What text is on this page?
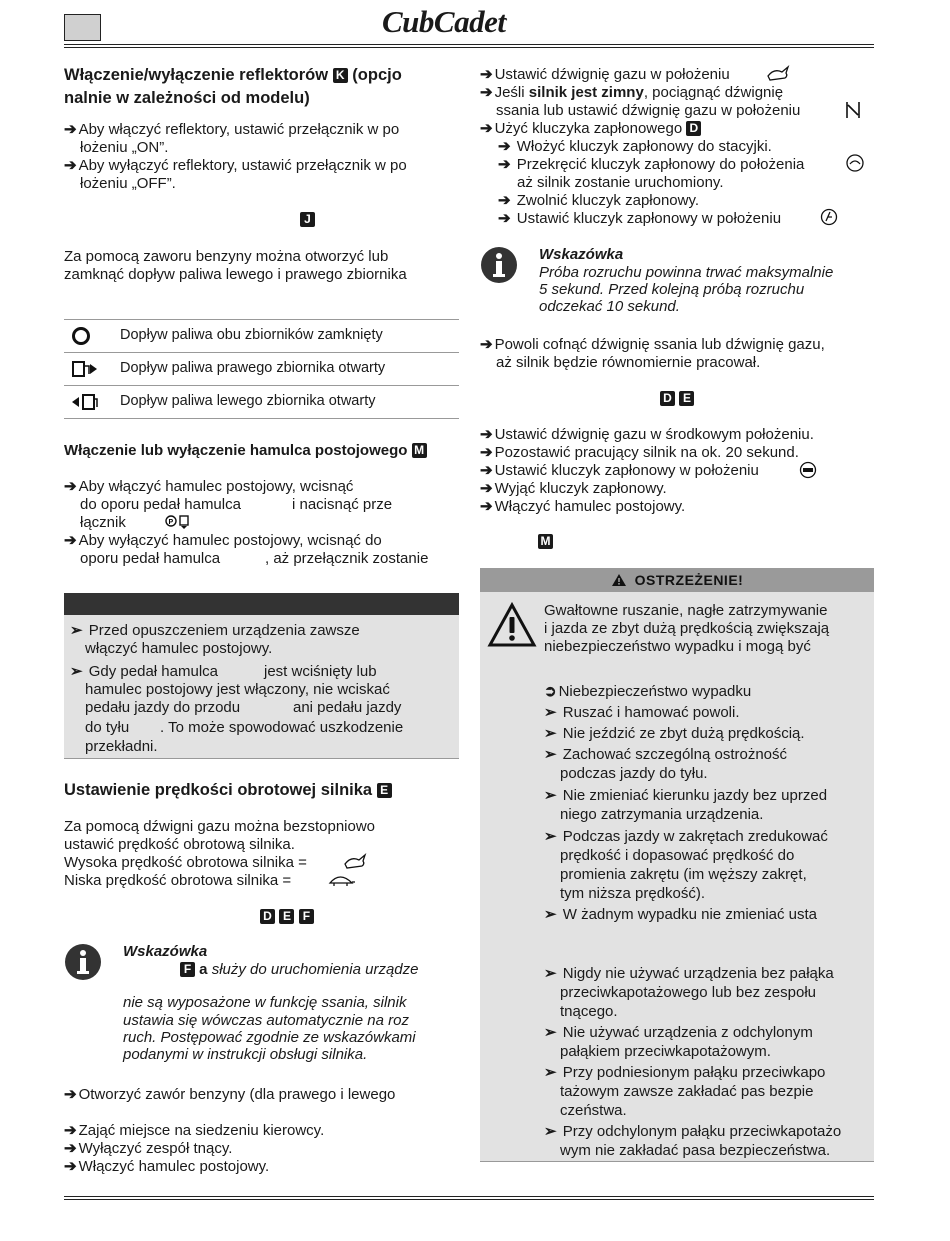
CubCadet.
Włączenie/wyłączenie reflektorów K (opcjo
nalnie w zależności od modelu)
➔ Aby włączyć reflektory, ustawić przełącznik w po
łożeniu „ON”.
➔ Aby wyłączyć reflektory, ustawić przełącznik w po
łożeniu „OFF”.
J
Za pomocą zaworu benzyny można otworzyć lub
zamknąć dopływ paliwa lewego i prawego zbiornika
Dopływ paliwa obu zbiorników zamknięty
Dopływ paliwa prawego zbiornika otwarty
Dopływ paliwa lewego zbiornika otwarty
Włączenie lub wyłączenie hamulca postojowego M
➔ Aby włączyć hamulec postojowy, wcisnąć
do oporu pedał hamulca	i nacisnąć prze
łącznik	P
➔ Aby wyłączyć hamulec postojowy, wcisnąć do
oporu pedał hamulca	, aż przełącznik zostanie
➢ Przed opuszczeniem urządzenia zawsze
włączyć hamulec postojowy.
➢ Gdy pedał hamulca	jest wciśnięty lub
hamulec postojowy jest włączony, nie wciskać
pedału jazdy do przodu	ani pedału jazdy
do tyłu . To może spowodować uszkodzenie
przekładni.
Ustawienie prędkości obrotowej silnika E
Za pomocą dźwigni gazu można bezstopniowo
ustawić prędkość obrotową silnika.
Wysoka prędkość obrotowa silnika =
Niska prędkość obrotowa silnika =
D E F
Wskazówka
F a służy do uruchomienia urządze
nie są wyposażone w funkcję ssania, silnik
ustawia się wówczas automatycznie na roz
ruch. Postępować zgodnie ze wskazówkami
podanymi w instrukcji obsługi silnika.
➔ Otworzyć zawór benzyny (dla prawego i lewego
➔ Zająć miejsce na siedzeniu kierowcy.
➔ Wyłączyć zespół tnący.
➔ Włączyć hamulec postojowy.
➔ Ustawić dźwignię gazu w położeniu
➔ Jeśli silnik jest zimny, pociągnąć dźwignię
ssania lub ustawić dźwignię gazu w położeniu
➔ Użyć kluczyka zapłonowego D
➔ Włożyć kluczyk zapłonowy do stacyjki.
➔ Przekręcić kluczyk zapłonowy do położenia
aż silnik zostanie uruchomiony.
➔ Zwolnić kluczyk zapłonowy.
➔ Ustawić kluczyk zapłonowy w położeniu
Wskazówka
Próba rozruchu powinna trwać maksymalnie
5 sekund. Przed kolejną próbą rozruchu
odczekać 10 sekund.
➔ Powoli cofnąć dźwignię ssania lub dźwignię gazu,
aż silnik będzie równomiernie pracował.
D E
➔ Ustawić dźwignię gazu w środkowym położeniu.
➔ Pozostawić pracujący silnik na ok. 20 sekund.
➔ Ustawić kluczyk zapłonowy w położeniu
➔ Wyjąć kluczyk zapłonowy.
➔ Włączyć hamulec postojowy.
M
OSTRZEŻENIE!
Gwałtowne ruszanie, nagłe zatrzymywanie
i jazda ze zbyt dużą prędkością zwiększają
niebezpieczeństwo wypadku i mogą być
➲ Niebezpieczeństwo wypadku
➢ Ruszać i hamować powoli.
➢ Nie jeździć ze zbyt dużą prędkością.
➢ Zachować szczególną ostrożność
podczas jazdy do tyłu.
➢ Nie zmieniać kierunku jazdy bez uprzed
niego zatrzymania urządzenia.
➢ Podczas jazdy w zakrętach zredukować
prędkość i dopasować prędkość do
promienia zakrętu (im węższy zakręt,
tym niższa prędkość).
➢ W żadnym wypadku nie zmieniać usta
➢ Nigdy nie używać urządzenia bez pałąka
przeciwkapotażowego lub bez zespołu
tnącego.
➢ Nie używać urządzenia z odchylonym
pałąkiem przeciwkapotażowym.
➢ Przy podniesionym pałąku przeciwkapo
tażowym zawsze zakładać pas bezpie
czeństwa.
➢ Przy odchylonym pałąku przeciwkapotażo
wym nie zakładać pasa bezpieczeństwa.
